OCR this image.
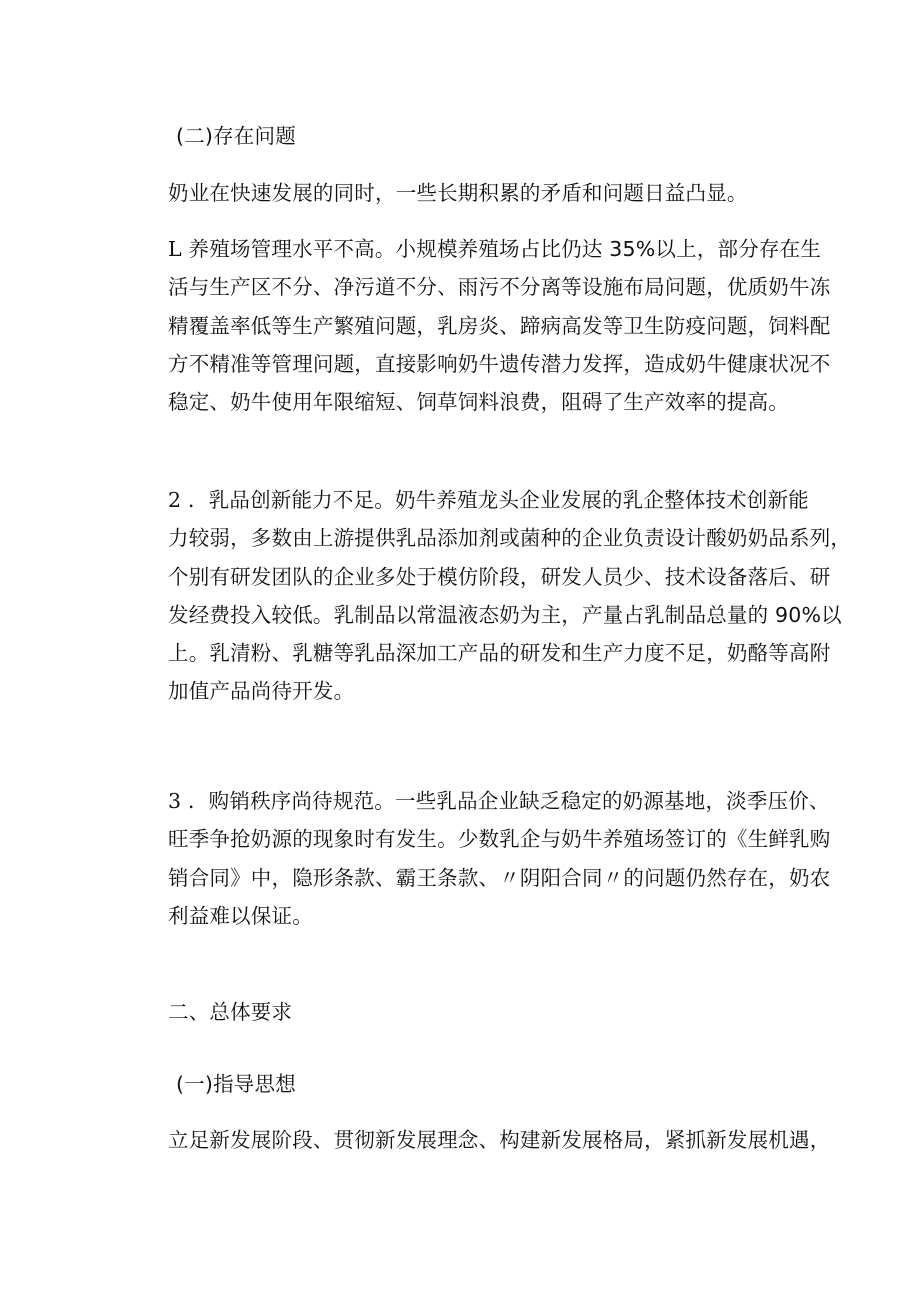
(二)存在问题

奶业在快速发展的同时，一些长期积累的矛盾和问题日益凸显。

L 养殖场管理水平不高。小规模养殖场占比仍达 35%以上，部分存在生
活与生产区不分、净污道不分、雨污不分离等设施布局问题，优质奶牛冻
精覆盖率低等生产繁殖问题，乳房炎、蹄病高发等卫生防疫问题，饲料配
方不精准等管理问题，直接影响奶牛遗传潜力发挥，造成奶牛健康状况不
稳定、奶牛使用年限缩短、饲草饲料浪费，阻碍了生产效率的提高。
2 ．乳品创新能力不足。奶牛养殖龙头企业发展的乳企整体技术创新能
力较弱，多数由上游提供乳品添加剂或菌种的企业负责设计酸奶奶品系列，
个别有研发团队的企业多处于模仿阶段，研发人员少、技术设备落后、研
发经费投入较低。乳制品以常温液态奶为主，产量占乳制品总量的 90%以
上。乳清粉、乳糖等乳品深加工产品的研发和生产力度不足，奶酪等高附
加值产品尚待开发。
3 ．购销秩序尚待规范。一些乳品企业缺乏稳定的奶源基地，淡季压价、
旺季争抢奶源的现象时有发生。少数乳企与奶牛养殖场签订的《生鲜乳购
销合同》中，隐形条款、霸王条款、〃阴阳合同〃的问题仍然存在，奶农
利益难以保证。

二、总体要求

(一)指导思想

立足新发展阶段、贯彻新发展理念、构建新发展格局，紧抓新发展机遇，
